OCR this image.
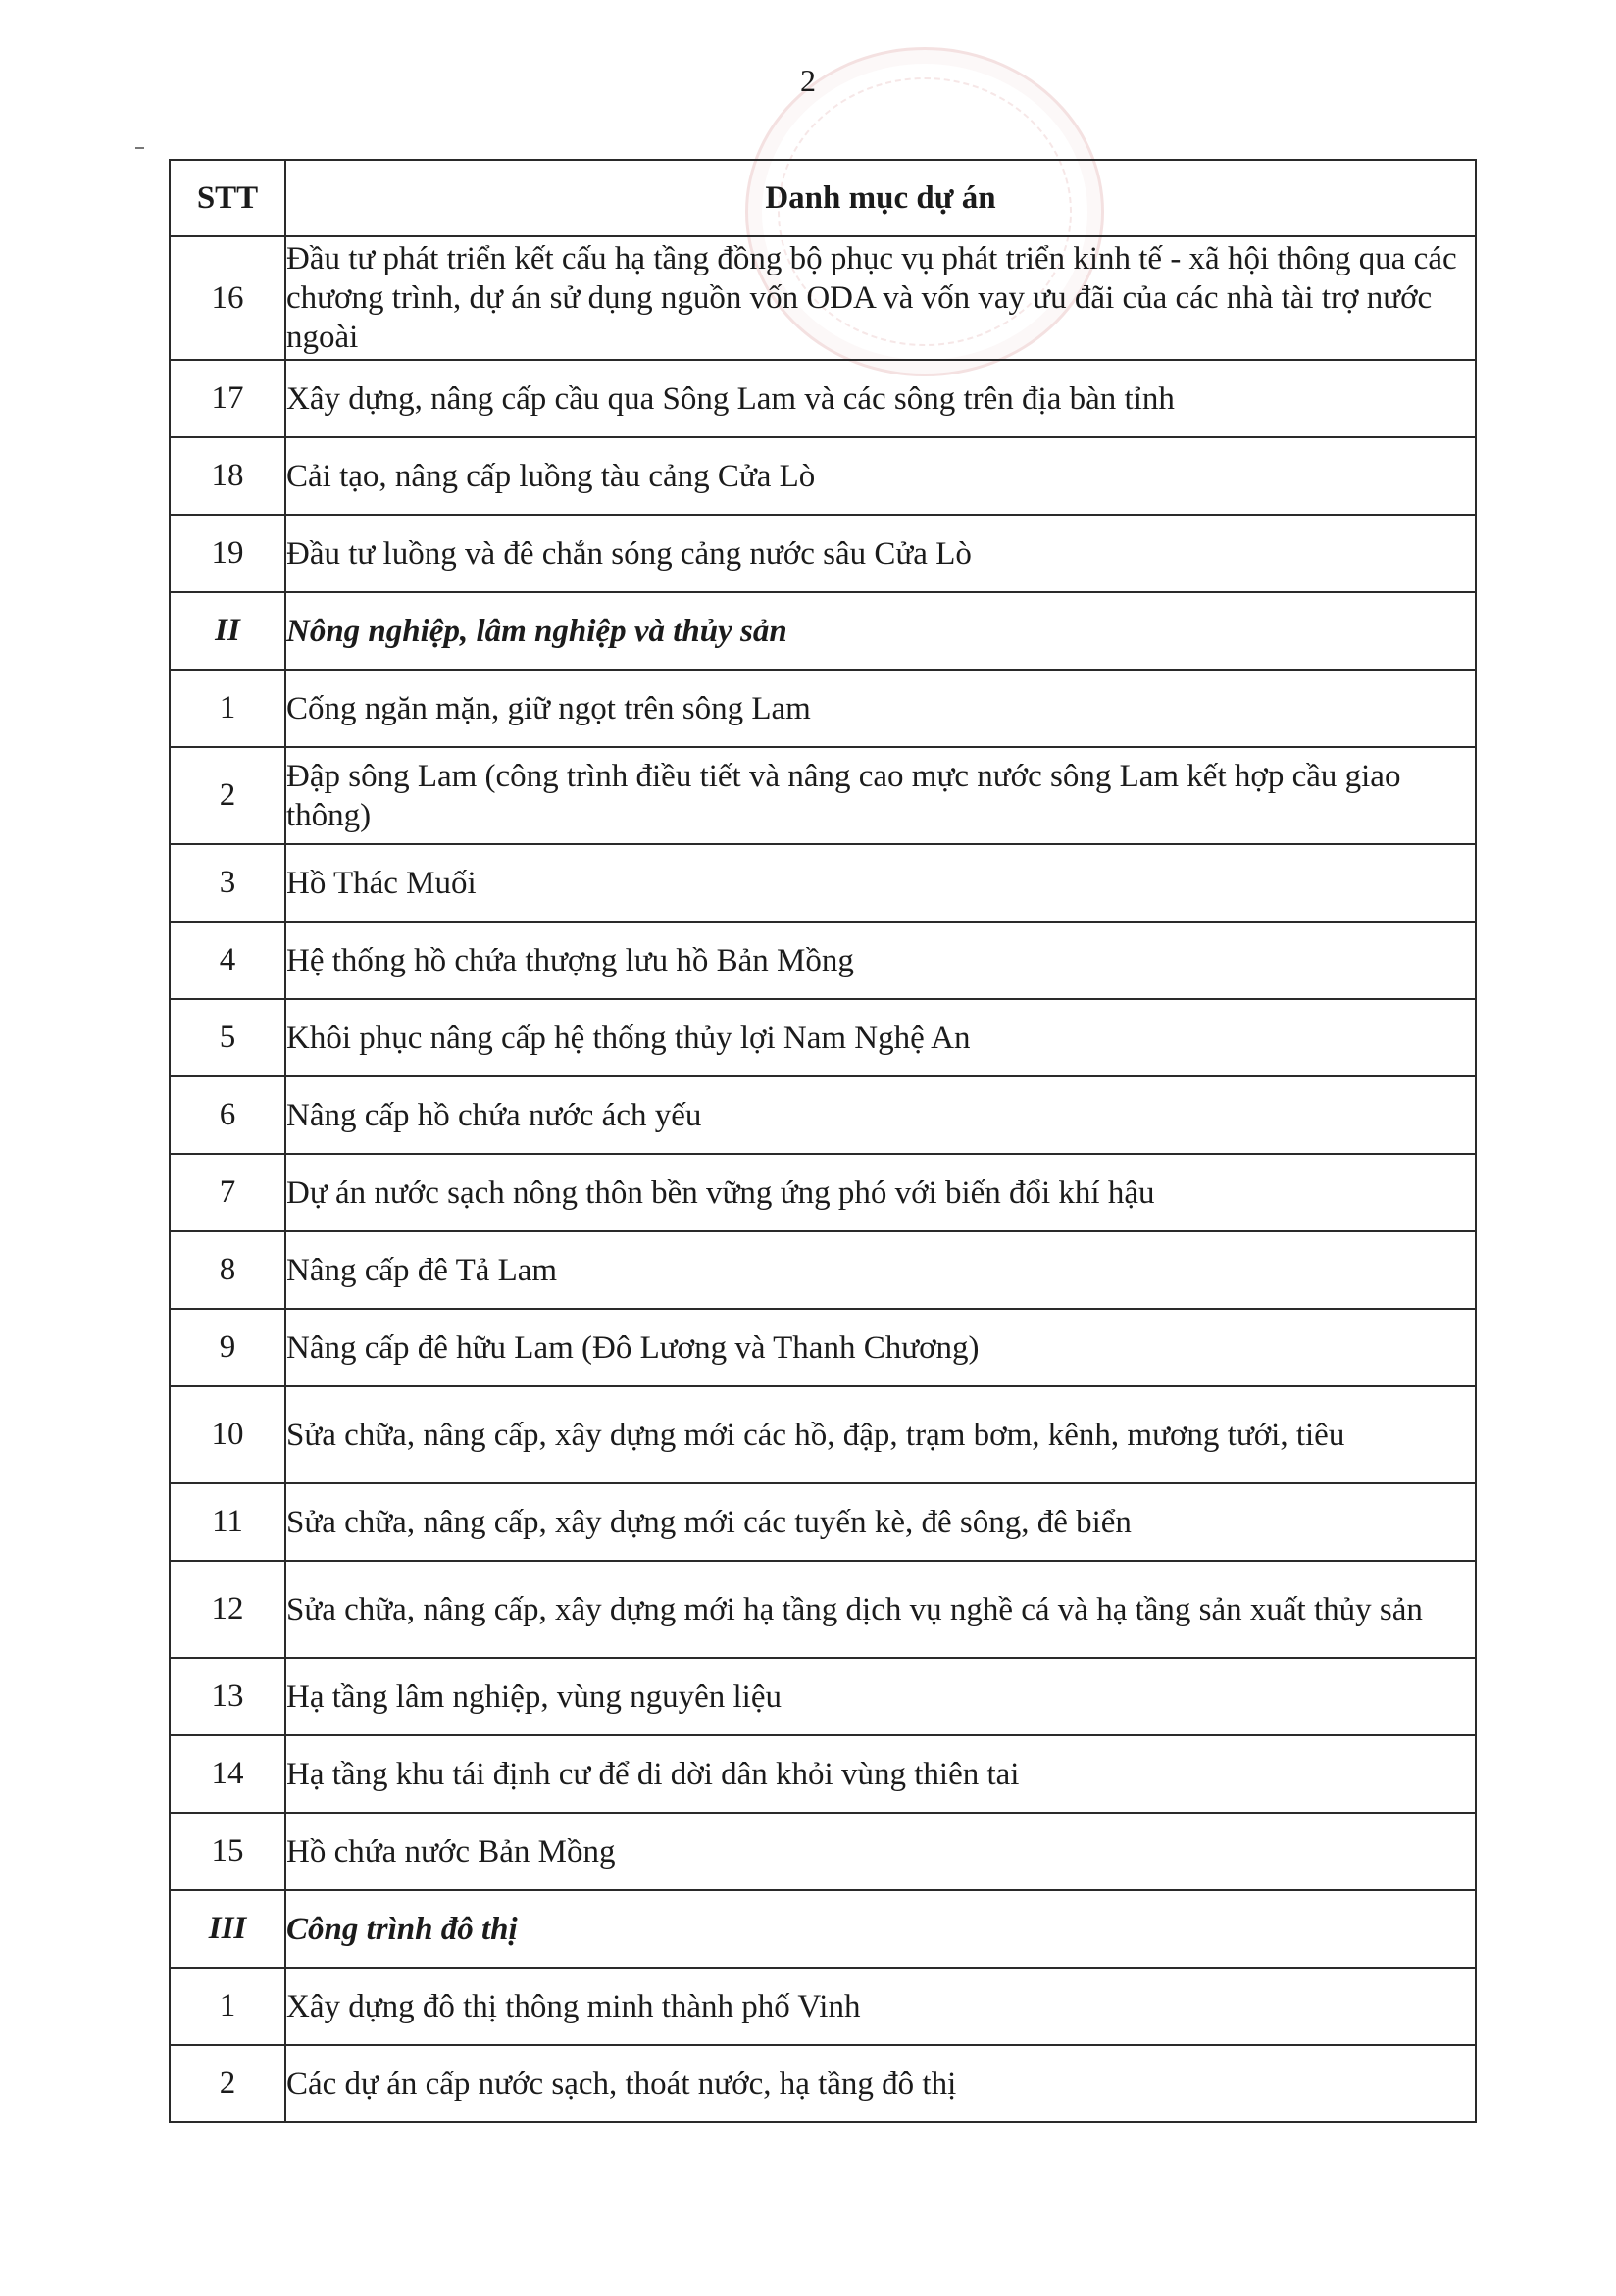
2
STT	Danh mục dự án
16	Đầu tư phát triển kết cấu hạ tầng đồng bộ phục vụ phát triển kinh tế - xã hội thông qua các chương trình, dự án sử dụng nguồn vốn ODA và vốn vay ưu đãi của các nhà tài trợ nước ngoài
17	Xây dựng, nâng cấp cầu qua Sông Lam và các sông trên địa bàn tỉnh
18	Cải tạo, nâng cấp luồng tàu cảng Cửa Lò
19	Đầu tư luồng và đê chắn sóng cảng nước sâu Cửa Lò
II	Nông nghiệp, lâm nghiệp và thủy sản
1	Cống ngăn mặn, giữ ngọt trên sông Lam
2	Đập sông Lam (công trình điều tiết và nâng cao mực nước sông Lam kết hợp cầu giao thông)
3	Hồ Thác Muối
4	Hệ thống hồ chứa thượng lưu hồ Bản Mồng
5	Khôi phục nâng cấp hệ thống thủy lợi Nam Nghệ An
6	Nâng cấp hồ chứa nước ách yếu
7	Dự án nước sạch nông thôn bền vững ứng phó với biến đổi khí hậu
8	Nâng cấp đê Tả Lam
9	Nâng cấp đê hữu Lam (Đô Lương và Thanh Chương)
10	Sửa chữa, nâng cấp, xây dựng mới các hồ, đập, trạm bơm, kênh, mương tưới, tiêu
11	Sửa chữa, nâng cấp, xây dựng mới các tuyến kè, đê sông, đê biển
12	Sửa chữa, nâng cấp, xây dựng mới hạ tầng dịch vụ nghề cá và hạ tầng sản xuất thủy sản
13	Hạ tầng lâm nghiệp, vùng nguyên liệu
14	Hạ tầng khu tái định cư để di dời dân khỏi vùng thiên tai
15	Hồ chứa nước Bản Mồng
III	Công trình đô thị
1	Xây dựng đô thị thông minh thành phố Vinh
2	Các dự án cấp nước sạch, thoát nước, hạ tầng đô thị
